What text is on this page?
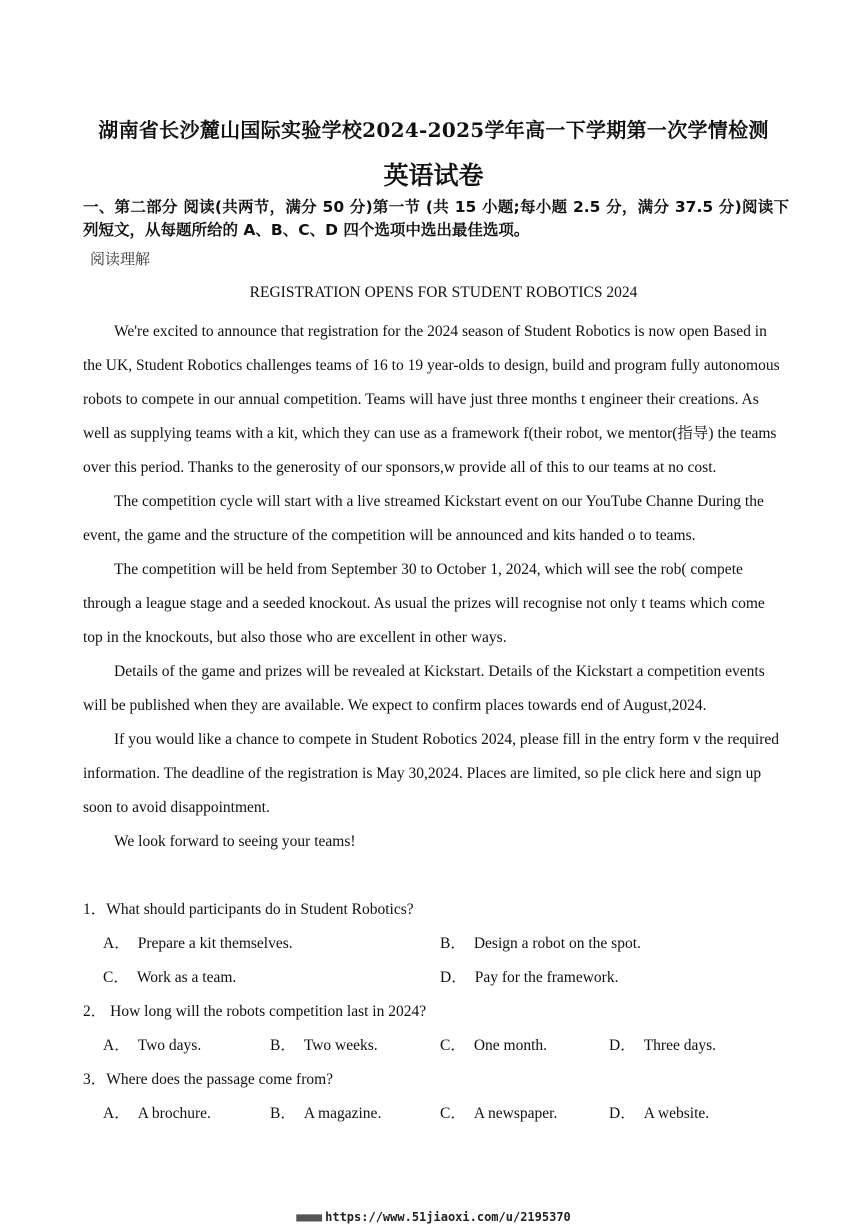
湖南省长沙麓山国际实验学校2024-2025学年高一下学期第一次学情检测
英语试卷
一、第二部分 阅读(共两节，满分 50 分)第一节 (共 15 小题;每小题 2.5 分，满分 37.5 分)阅读下列短文，从每题所给的 A、B、C、D 四个选项中选出最佳选项。
阅读理解
REGISTRATION OPENS FOR STUDENT ROBOTICS 2024

We're excited to announce that registration for the 2024 season of Student Robotics is now open Based in the UK, Student Robotics challenges teams of 16 to 19 year-olds to design, build and program fully autonomous robots to compete in our annual competition. Teams will have just three months t engineer their creations. As well as supplying teams with a kit, which they can use as a framework f(their robot, we mentor(指导) the teams over this period. Thanks to the generosity of our sponsors,w provide all of this to our teams at no cost.

The competition cycle will start with a live streamed Kickstart event on our YouTube Channe During the event, the game and the structure of the competition will be announced and kits handed o to teams.

The competition will be held from September 30 to October 1, 2024, which will see the rob( compete through a league stage and a seeded knockout. As usual the prizes will recognise not only t teams which come top in the knockouts, but also those who are excellent in other ways.

Details of the game and prizes will be revealed at Kickstart. Details of the Kickstart a competition events will be published when they are available. We expect to confirm places towards end of August,2024.

If you would like a chance to compete in Student Robotics 2024, please fill in the entry form v the required information. The deadline of the registration is May 30,2024. Places are limited, so ple click here and sign up soon to avoid disappointment.

We look forward to seeing your teams!

1．What should participants do in Student Robotics?
A． Prepare a kit themselves.	B． Design a robot on the spot.
C． Work as a team.	D． Pay for the framework.
2． How long will the robots competition last in 2024?
A． Two days.	B． Two weeks.	C． One month.	D． Three days.
3．Where does the passage come from?
A． A brochure.	B． A magazine.	C． A newspaper.	D． A website.
■■■■ https://www.51jiaoxi.com/u/2195370
